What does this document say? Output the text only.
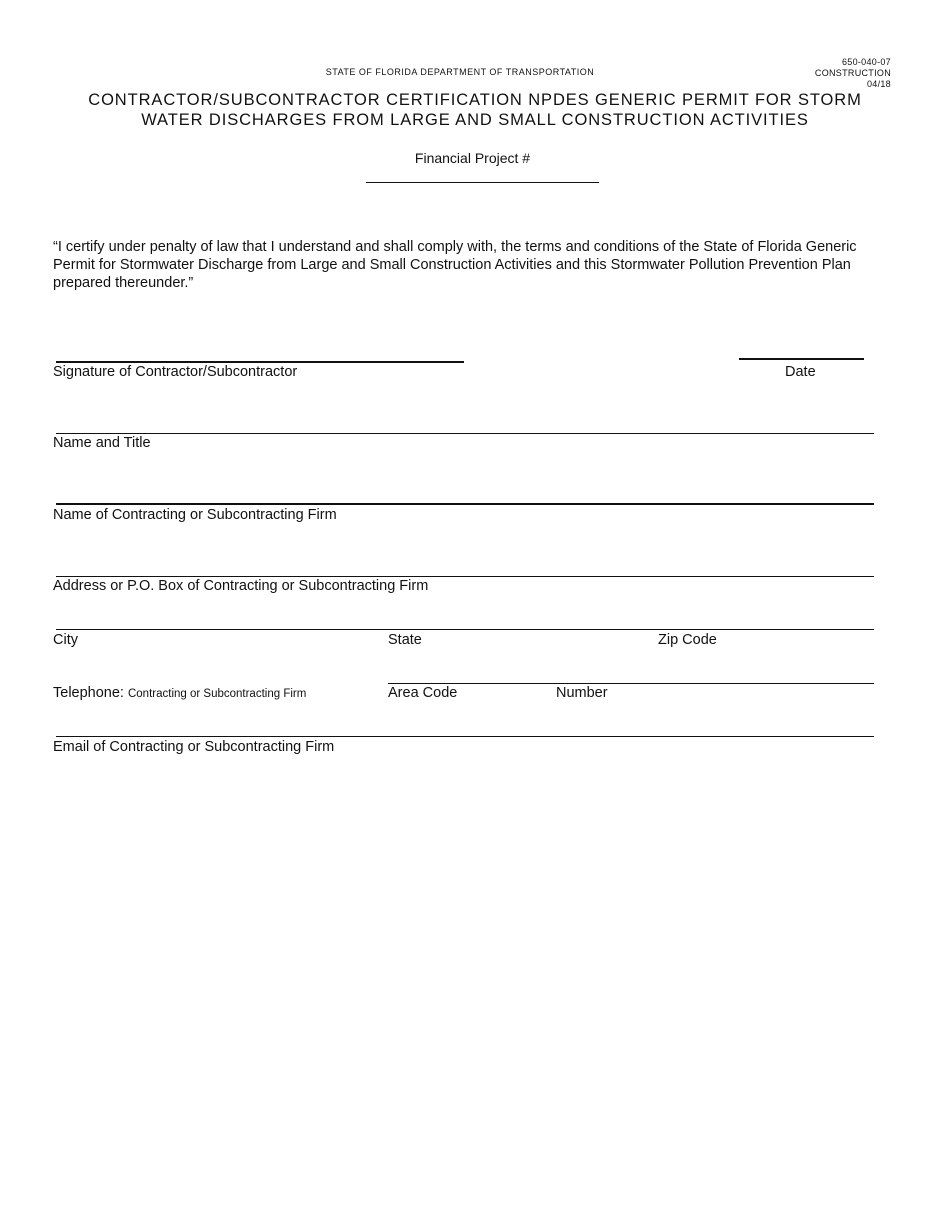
650-040-07
CONSTRUCTION
04/18
STATE OF FLORIDA DEPARTMENT OF TRANSPORTATION
CONTRACTOR/SUBCONTRACTOR CERTIFICATION NPDES GENERIC PERMIT FOR STORM
WATER DISCHARGES FROM LARGE AND SMALL CONSTRUCTION ACTIVITIES
Financial Project #
“I certify under penalty of law that I understand and shall comply with, the terms and conditions of the State of Florida Generic Permit for Stormwater Discharge from Large and Small Construction Activities and this Stormwater Pollution Prevention Plan prepared thereunder.”
Signature of Contractor/Subcontractor	Date
Name and Title
Name of Contracting or Subcontracting Firm
Address or P.O. Box of Contracting or Subcontracting Firm
City	State	Zip Code
Telephone: Contracting or Subcontracting Firm	Area Code	Number
Email of Contracting or Subcontracting Firm
